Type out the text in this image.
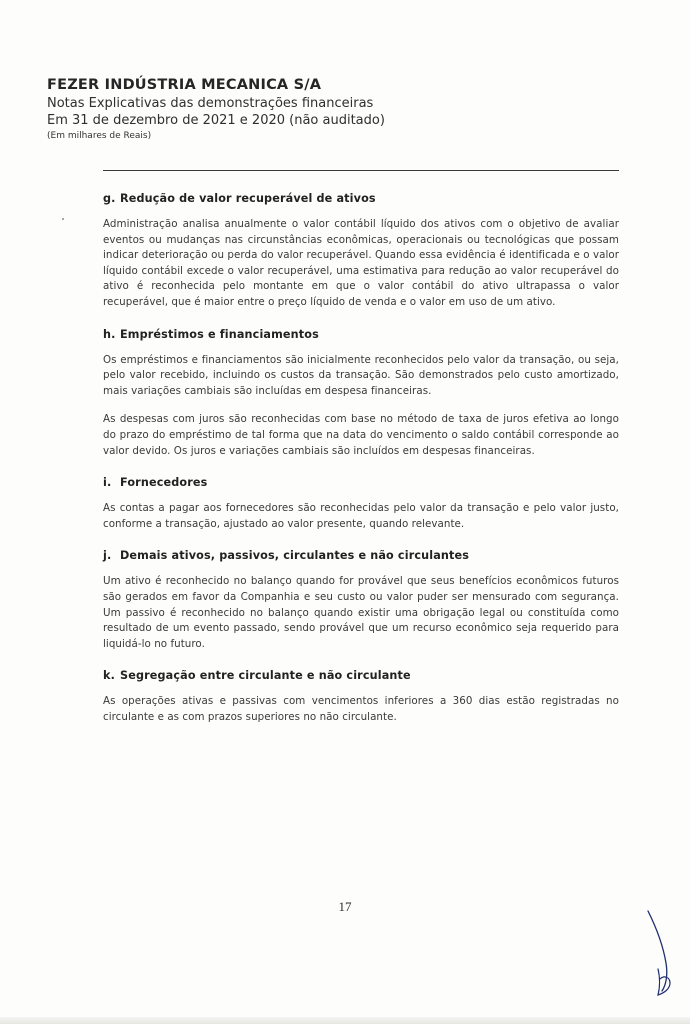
FEZER INDÚSTRIA MECANICA S/A
Notas Explicativas das demonstrações financeiras
Em 31 de dezembro de 2021 e 2020 (não auditado)
(Em milhares de Reais)
g. Redução de valor recuperável de ativos

Administração analisa anualmente o valor contábil líquido dos ativos com o objetivo de avaliar eventos ou mudanças nas circunstâncias econômicas, operacionais ou tecnológicas que possam indicar deterioração ou perda do valor recuperável. Quando essa evidência é identificada e o valor líquido contábil excede o valor recuperável, uma estimativa para redução ao valor recuperável do ativo é reconhecida pelo montante em que o valor contábil do ativo ultrapassa o valor recuperável, que é maior entre o preço líquido de venda e o valor em uso de um ativo.

h. Empréstimos e financiamentos

Os empréstimos e financiamentos são inicialmente reconhecidos pelo valor da transação, ou seja, pelo valor recebido, incluindo os custos da transação. São demonstrados pelo custo amortizado, mais variações cambiais são incluídas em despesa financeiras.

As despesas com juros são reconhecidas com base no método de taxa de juros efetiva ao longo do prazo do empréstimo de tal forma que na data do vencimento o saldo contábil corresponde ao valor devido. Os juros e variações cambiais são incluídos em despesas financeiras.

i. Fornecedores

As contas a pagar aos fornecedores são reconhecidas pelo valor da transação e pelo valor justo, conforme a transação, ajustado ao valor presente, quando relevante.

j. Demais ativos, passivos, circulantes e não circulantes

Um ativo é reconhecido no balanço quando for provável que seus benefícios econômicos futuros são gerados em favor da Companhia e seu custo ou valor puder ser mensurado com segurança. Um passivo é reconhecido no balanço quando existir uma obrigação legal ou constituída como resultado de um evento passado, sendo provável que um recurso econômico seja requerido para liquidá-lo no futuro.

k. Segregação entre circulante e não circulante

As operações ativas e passivas com vencimentos inferiores a 360 dias estão registradas no circulante e as com prazos superiores no não circulante.

17
